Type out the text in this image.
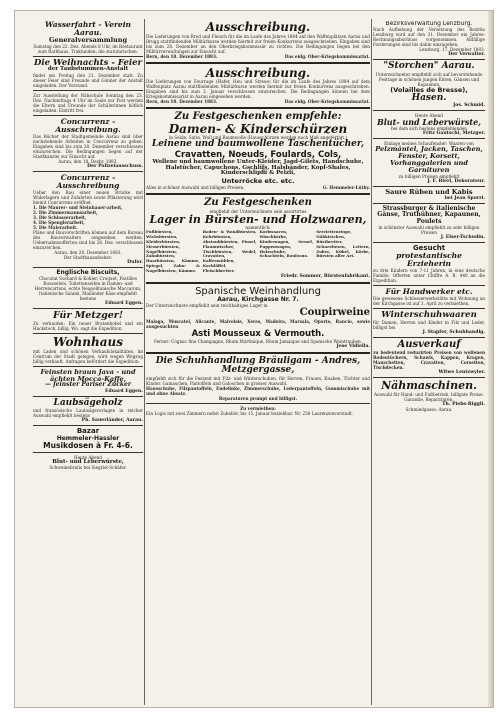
Wasserfahrt - Verein Aarau.
Generalversammlung
Samstag den 22. Dez. Abends 8 Uhr, im Restaurant zum Rathhaus. Traktanden: die statutarischen.
Die Weihnachts - Feier
der Taubstummen-Anstalt
findet am Freitag den 21. Dezember statt. Zu dieser Feier sind Freunde und Gönner der Anstalt eingeladen. Der Vorstand.
Zur Ausstellung der Nähschule Sonntag den 23. Dez. Nachmittags 4 Uhr im Saale zur Post werden die Eltern und Freunde der Schülerinnen höflich eingeladen. Eintritt frei.
Concurrenz - Ausschreibung.
Das Bücher der Stadtgemeinde Aarau sind über nachstehende Arbeiten in Concurrenz zu geben. Eingaben sind bis zum 28. Dezember verschlossen einzureichen. Die Bedingungen liegen auf der Stadtkanzlei zur Einsicht auf.
Aarau, den 18. Dezbr. 1883.
Der Polizeiausschuss.
Concurrenz - Ausschreibung
Ueber den Bau einer neuen Brücke mit Widerlagern und Zufahrten sowie Pflästerung wird hiemit Concurrenz eröffnet.
1. Die Maurer- und Steinhauer-arbeit,
2. Die Zimmermannsarbeit,
3. Die Schlosserarbeit,
4. Die Spenglerarbeit,
5. Die Malerarbeit.
Pläne und Bauvorschriften können auf dem Bureau des Bauverwalters eingesehen werden. Uebernahmsofferten sind bis 28. Dez. verschlossen einzureichen.
Aarau, den 20. Dezember 1883.
Der Stadtbauaufseher:
Dufer.
Englische Biscuits,
Chocolat Suchard & Kohler, Croquet, Pastilles Rousselots, Toilettenseifen in Damen- und Herrencartons, echte Neapolitanische Maccaroni, Italienische Salami, Mailänder Käse empfiehlt bestens
Eduard Eggen.
Für Metzger!
Zu verkaufen: Ein neuer Bratenhobel und ein Hackstock, billig. Wo, sagt die Expedition.
Wohnhaus
mit Laden und schönen Verkaufslokalitäten, im Centrum der Stadt gelegen, wird wegen Wegzug billig verkauft. Anfragen befördert die Expedition.
Feinsten braun Java - und ächten Mocca-Kaffe,
— feinster Pariser Zucker
Eduard Eggen.
Laubsägeholz
und französische Laubsägevorlagen in reicher Auswahl empfiehlt bestens
Ph. Sauerländer, Aarau.
Bazar
Hemmeler-Hassler
Musikdosen à Fr. 4-6.
Heute Abend
Blut- und Leberwürste,
Schweinebratis bei Siegrist-Schäfer.
Ausschreibung.
Die Lieferungen von Brod und Fleisch für die im Laufe des Jahres 1884 auf den Waffenplätzen Aarau und Brugg stattfindenden Militärkurse werden hiermit zur freien Konkurrenz ausgeschrieben. Eingaben sind bis zum 28. Dezember an den Oberkriegskommissär zu richten. Die Bedingungen liegen bei den Militärverwaltungen zur Einsicht auf.
Bern, den 18. Dezember 1883.	Das eidg. Ober-Kriegskommissariat.
Ausschreibung.
Die Lieferungen von Fourrage (Hafer, Heu und Streue) für die im Laufe des Jahres 1884 auf dem Waffenplatz Aarau stattfindenden Militärkurse werden hiermit zur freien Konkurrenz ausgeschrieben. Eingaben sind bis zum 2. Januar verschlossen einzureichen. Die Bedingungen können bei dem Kriegskommissariat in Aarau eingesehen werden.
Bern, den 18. Dezember 1883.	Das eidg. Ober-Kriegskommissariat.
Zu Festgeschenken empfehle:
Damen- & Kinderschürzen
in Seide, Satin, Woll und Baumwolle (Hausschürzen werden nach Maß angefertigt.)
Leinene und baumwollene Taschentücher,
Cravatten, Noeuds, Foulards, Cols,
Wollene und baumwollene Unter-Kleider, Jagd-Gilets, Handschuhe, Halstücher, Capuchons, Gschlifs, Halsbänder, Kopf-Shales, Kinderschlipfli & Pelzli,
Unterröcke etc. etc.
Alles in schöner Auswahl und billigen Preisen.	G. Hemmeler-Lüthy.
Zu Festgeschenken
empfiehlt der Unterzeichnete sein assortirtes
Lager in Bürsten- und Holzwaaren,
namentlich:
Fußbürsten, Wichsbürsten, Kleiderbürsten, Messerbürsten, Nagelbürsten, Zahnbürsten, Haarbürsten, Kämme, Spiegel, Zahn- & Nagelbürsten, Kämme.
Boden- & Wandbürsten, Kehrbürsten, Abstaubbürsten, Pinsel, Flaumwischer, Tischbürsten, Wedel, Cravatten, Kaffeemühlen, Kochlöffel, Fleischbretter.
Korbwaaren, Wäschkörbe, Kinderwagen, Sessel, Puppenwagen, Holzschuhe, Schachteln, Rouleaux.
Serviettenringe, Nähkistchen, Rüstbretter, Schneebesen, Leitern, Zuber, Kübel, Körbe, Bürsten aller Art.
Friedr. Sommer, Bürstenfabrikant.
Spanische Weinhandlung
Aarau, Kirchgasse Nr. 7.
Der Unterzeichnete empfiehlt sein reichhaltiges Lager in
Coupirweine
Malaga, Muscatel, Alicante, Malvoisie, Xeres, Madeira, Marsala, Oporto, Rancio, sowie ausgesuchten
Asti Mousseux & Vermouth.
Ferner: Cognac fine Champagne, Rhum Martinique, Rhum Jamaique und Spanische Weintrauben.
Jose Vidiella.
Die Schuhhandlung Bräuligam - Andres,
Metzgergasse,
empfiehlt sich für die Festzeit mit Filz- und Winterschuhen, für Herren, Frauen, Knaben, Töchter und Kinder. Gamaschen, Pantoffeln und Galoschen in grosser Auswahl.
Hausschuhe, Filzpantoffeln, Endefinke, Zimmerschuhe, Lederpantoffeln, Gummischuhe mit und ohne Absatz.
Reparaturen prompt und billigst.
Zu vermiethen:
Ein Logis mit zwei Zimmern nebst Zubehör, bis 15. Januar beziehbar. Nr. 250 Laurenzenvorstadt.
Bezirksverwaltung Lenzburg.
Nach Aufhebung der Versetzung des Bezirks Lenzburg wird auf den 31. Dezember ein Jahres-Rechnungsabschluss vorgenommen. Allfällige Forderungen sind bis dahin einzugeben.
Lenzburg, 17. Dezember 1883.
Der Verwalter.
"Storchen" Aarau.
Unterzeichneter empfiehlt sich auf bevorstehende Festtage in schönen jungen Enten, Gänsen und Kapaunen,
(Volailles de Bresse),
Hasen.
Jos. Schmid.
Heute Abend
Blut- und Leberwürste,
bei dem sich bestens empfehlenden
Fritz Gautschi, Metzger.
Einlage meines Schaufenster: Waaren von
Pelzmäntel, Jacken, Taschen, Fenster, Korsett, Vorhanggalerien und Garnituren
zu billigen Preisen empfiehlt
J. F. Bieri, Dekorateur.
Saure Rüben und Kabis
bei Jean Sporri.
Strassburger & italienische Gänse, Truthühner, Kapaunen, Poulets
in schönster Auswahl empfiehlt zu sehr billigen Preisen
J. Elser-Tschudin.
Gesucht
protestantische Erzieherin
zu drei Kindern von 7-11 Jahren, in eine deutsche Familie. Offerten unter Chiffre A. B. 440 an die Expedition.
Für Handwerker etc.
Die gewesene Schlosserwerkstätte mit Wohnung an der Kirchgasse ist auf 1. April zu vermiethen.
Winterschuhwaaren
für Damen, Herren und Kinder in Filz und Leder, billigst bei
J. Stapfer, Schuhhandlg.
Ausverkauf
zu bedeutend reduzirten Preisen von wollenen Bodentüchern, Schawls, Kappen, Kragen, Manschetten, Cravatten, Corsetten, Tischdecken.
Witwe Lentzwyler.
Nähmaschinen.
Auswahl für Hand- und Fußbetrieb, billigste Preise. Garantie, Reparaturen.
Th. Piebs-Riggli.
Schmiedgasse, Aarau.
